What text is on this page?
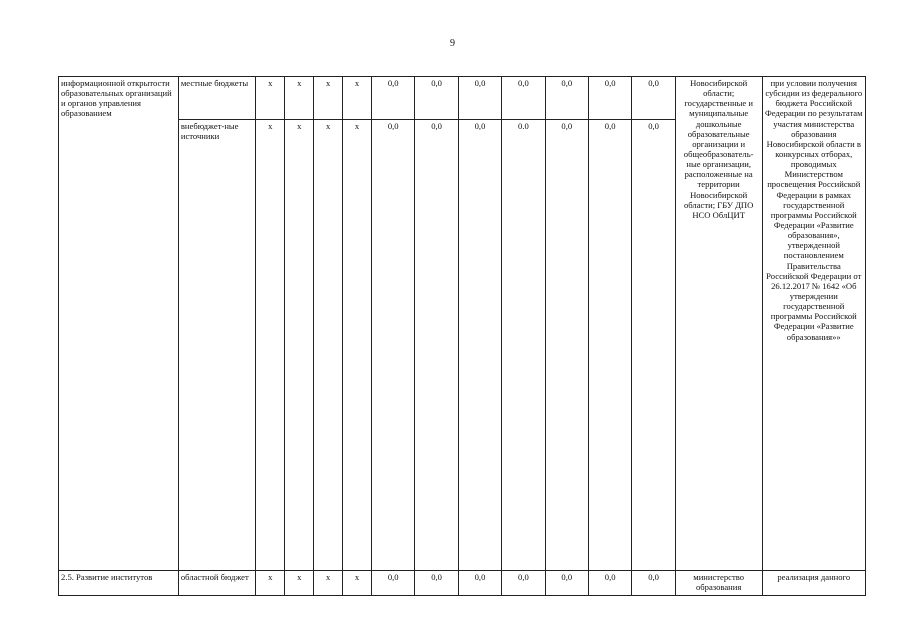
9
информационной открытости образовательных организаций и органов управления образованием	местные бюджеты	x	x	x	x	0,0	0,0	0,0	0,0	0,0	0,0	0,0	Новосибирской области; государственные и муниципальные дошкольные образовательные организации и общеобразователь-ные организации, расположенные на территории Новосибирской области; ГБУ ДПО НСО ОблЦИТ	при условии получения субсидии из федерального бюджета Российской Федерации по результатам участия министерства образования Новосибирской области в конкурсных отборах, проводимых Министерством просвещения Российской Федерации в рамках государственной программы Российской Федерации «Развитие образования», утвержденной постановлением Правительства Российской Федерации от 26.12.2017 № 1642 «Об утверждении государственной программы Российской Федерации «Развитие образования»»
	внебюджет-ные источники	x	x	x	x	0,0	0,0	0,0	0.0	0,0	0,0	0,0		
2.5. Развитие институтов	областной бюджет	x	x	x	x	0,0	0,0	0,0	0,0	0,0	0,0	0,0	министерство образования	реализация данного
